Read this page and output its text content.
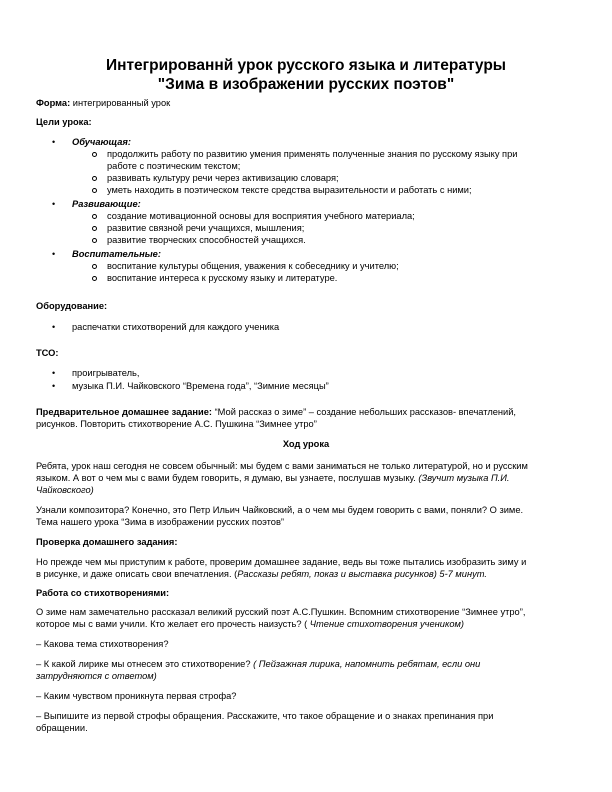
Интегрированнй урок русского языка и литературы
"Зима в изображении русских поэтов"
Форма: интегрированный урок
Цели урока:
• Обучающая:
продолжить работу по развитию умения применять полученные знания по русскому языку при
работе с поэтическим текстом;
развивать культуру речи через активизацию словаря;
уметь находить в поэтическом тексте средства выразительности и работать с ними;
• Развивающие:
создание мотивационной основы для восприятия учебного материала;
развитие связной речи учащихся, мышления;
развитие творческих способностей учащихся.
• Воспитательные:
воспитание культуры общения, уважения к собеседнику и учителю;
воспитание интереса к русскому языку и литературе.
Оборудование:
• распечатки стихотворений для каждого ученика
ТСО:
• проигрыватель,
• музыка П.И. Чайковского “Времена года”, “Зимние месяцы”
Предварительное домашнее задание: “Мой рассказ о зиме” – создание небольших рассказов- впечатлений,
рисунков. Повторить стихотворение А.С. Пушкина “Зимнее утро”
Ход урока
Ребята, урок наш сегодня не совсем обычный: мы будем с вами заниматься не только литературой, но и русским
языком. А вот о чем мы с вами будем говорить, я думаю, вы узнаете, послушав музыку. (Звучит музыка П.И.
Чайковского)
Узнали композитора? Конечно, это Петр Ильич Чайковский, а о чем мы будем говорить с вами, поняли? О зиме.
Тема нашего урока “Зима в изображении русских поэтов”
Проверка домашнего задания:
Но прежде чем мы приступим к работе, проверим домашнее задание, ведь вы тоже пытались изобразить зиму и
в рисунке, и даже описать свои впечатления. (Рассказы ребят, показ и выставка рисунков) 5-7 минут.
Работа со стихотворениями:
О зиме нам замечательно рассказал великий русский поэт А.С.Пушкин. Вспомним стихотворение “Зимнее утро”,
которое мы с вами учили. Кто желает его прочесть наизусть? ( Чтение стихотворения учеником)
– Какова тема стихотворения?
– К какой лирике мы отнесем это стихотворение? ( Пейзажная лирика, напомнить ребятам, если они
затрудняются с ответом)
– Каким чувством проникнута первая строфа?
– Выпишите из первой строфы обращения. Расскажите, что такое обращение и о знаках препинания при
обращении.
